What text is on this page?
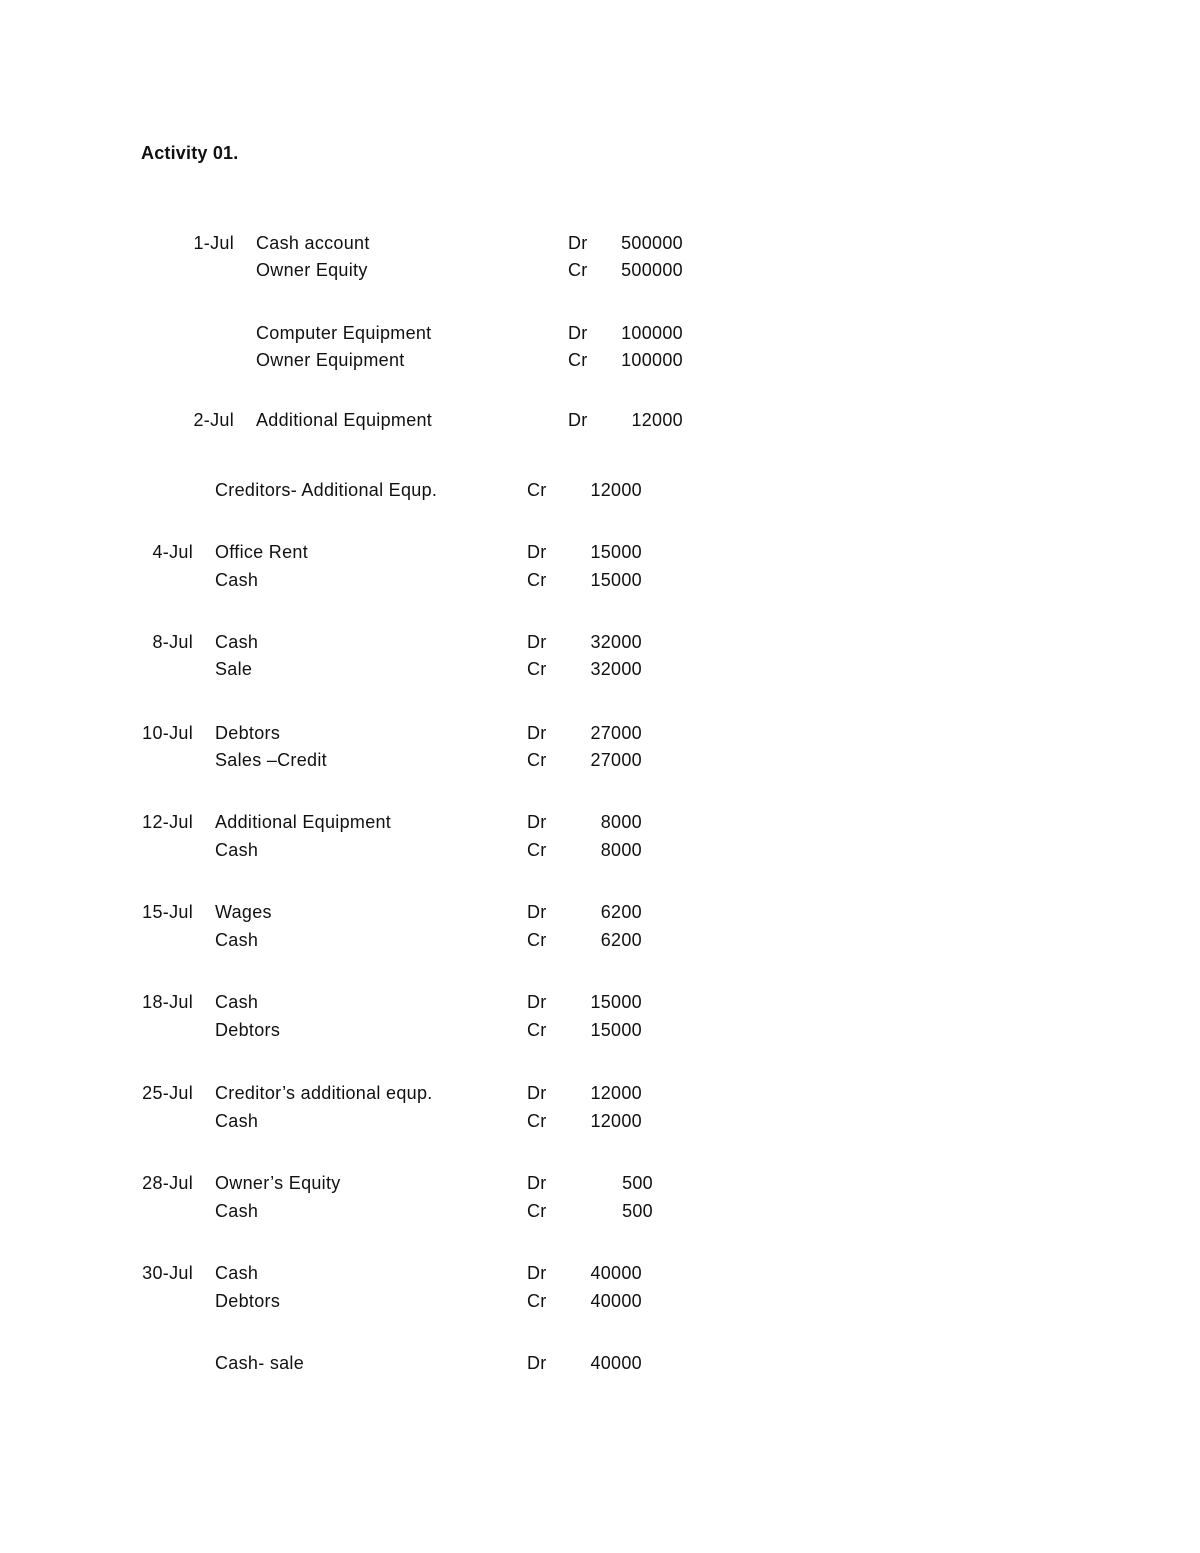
Activity 01.
1-Jul Cash account	Dr	500000
Owner Equity	Cr	500000
Computer Equipment	Dr	100000
Owner Equipment	Cr	100000
2-Jul Additional Equipment	Dr	12000
Creditors- Additional Equp.	Cr	12000
4-Jul Office Rent	Dr	15000
Cash	Cr	15000
8-Jul Cash	Dr	32000
Sale	Cr	32000
10-Jul Debtors	Dr	27000
Sales –Credit	Cr	27000
12-Jul Additional Equipment	Dr	8000
Cash	Cr	8000
15-Jul Wages	Dr	6200
Cash	Cr	6200
18-Jul Cash	Dr	15000
Debtors	Cr	15000
25-Jul Creditor’s additional equp.	Dr	12000
Cash	Cr	12000
28-Jul Owner’s Equity	Dr	500
Cash	Cr	500
30-Jul Cash	Dr	40000
Debtors	Cr	40000
Cash- sale	Dr	40000
